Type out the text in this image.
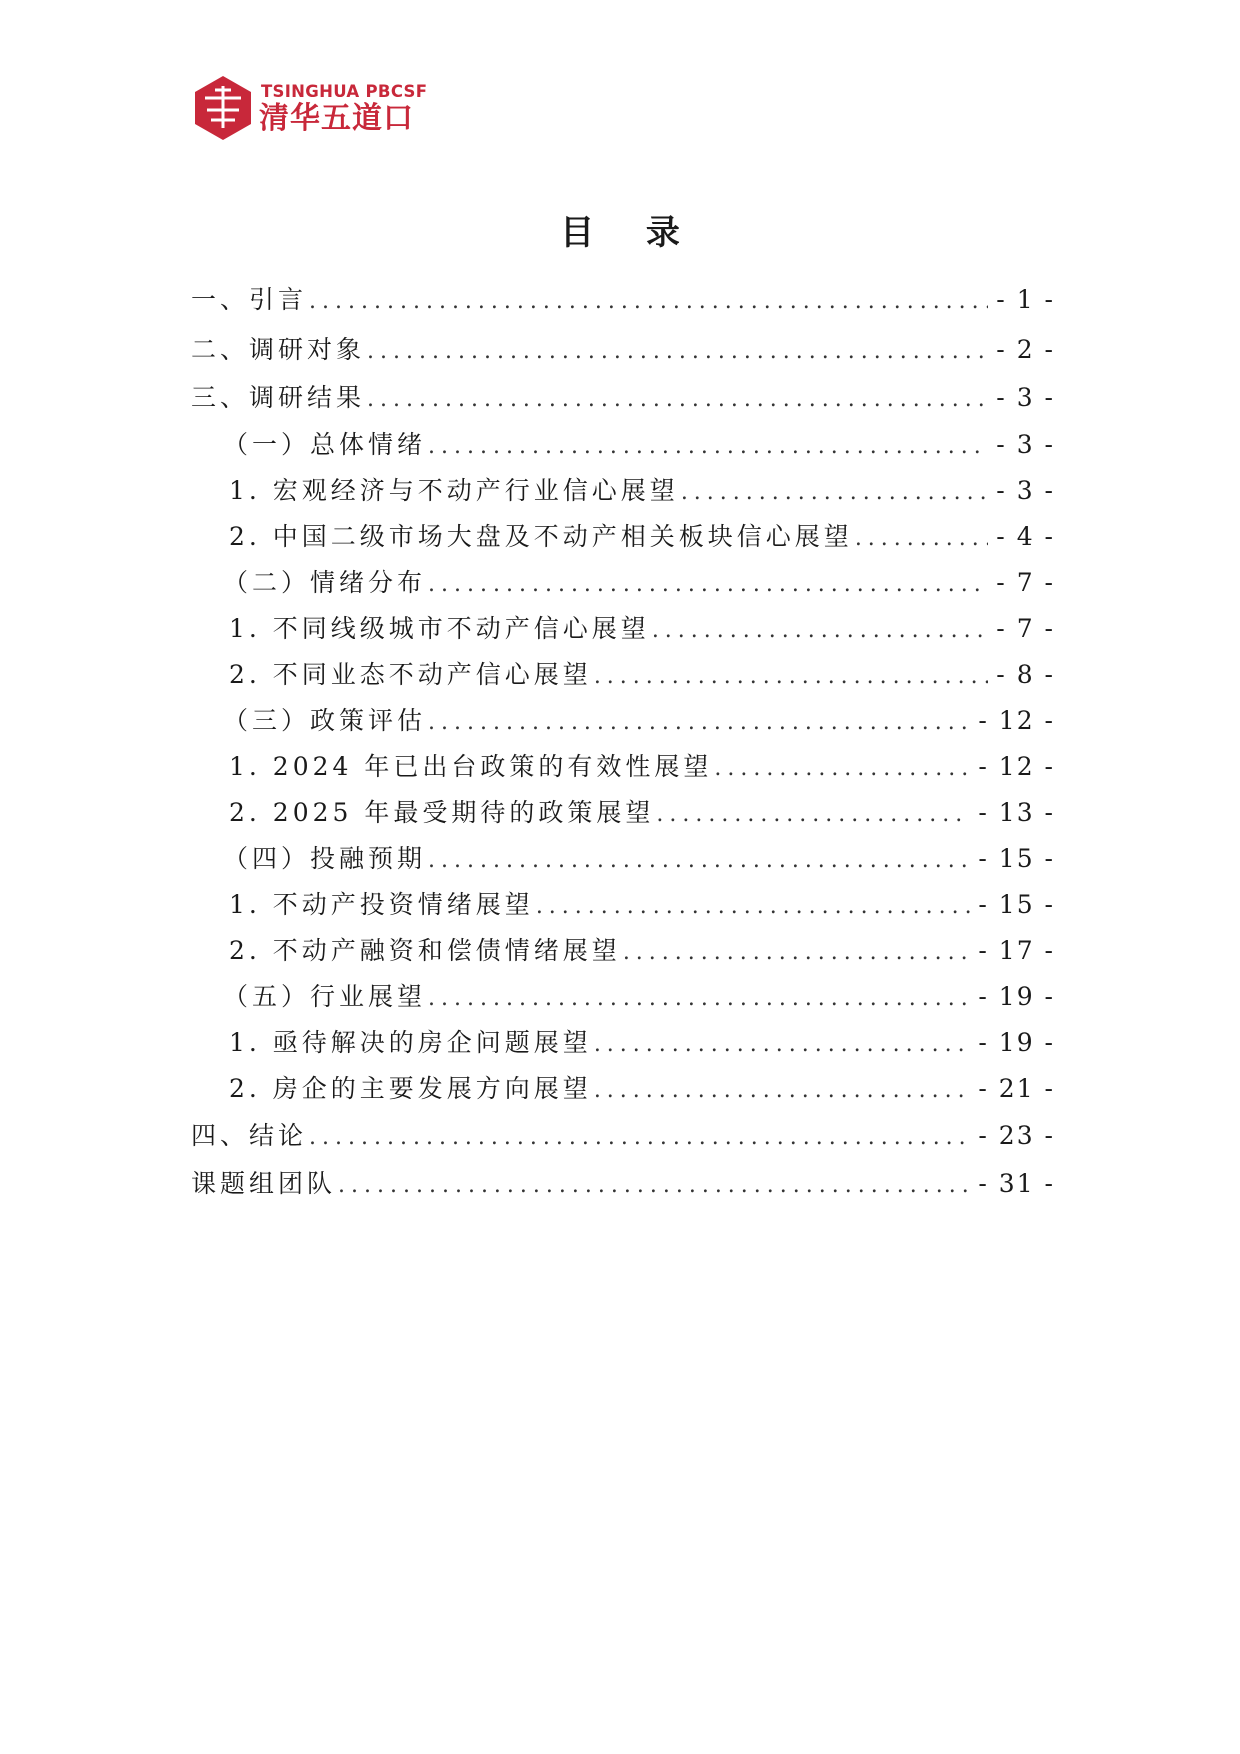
TSINGHUA PBCSF
清华五道口
目 录
一、引言 .....	- 1 -
二、调研对象 .....	- 2 -
三、调研结果 .....	- 3 -
（一）总体情绪 .....	- 3 -
1. 宏观经济与不动产行业信心展望 .....	- 3 -
2. 中国二级市场大盘及不动产相关板块信心展望 .....	- 4 -
（二）情绪分布 .....	- 7 -
1. 不同线级城市不动产信心展望 .....	- 7 -
2. 不同业态不动产信心展望 .....	- 8 -
（三）政策评估 .....	- 12 -
1. 2024 年已出台政策的有效性展望 .....	- 12 -
2. 2025 年最受期待的政策展望 .....	- 13 -
（四）投融预期 .....	- 15 -
1. 不动产投资情绪展望 .....	- 15 -
2. 不动产融资和偿债情绪展望 .....	- 17 -
（五）行业展望 .....	- 19 -
1. 亟待解决的房企问题展望 .....	- 19 -
2. 房企的主要发展方向展望 .....	- 21 -
四、结论 .....	- 23 -
课题组团队 .....	- 31 -
